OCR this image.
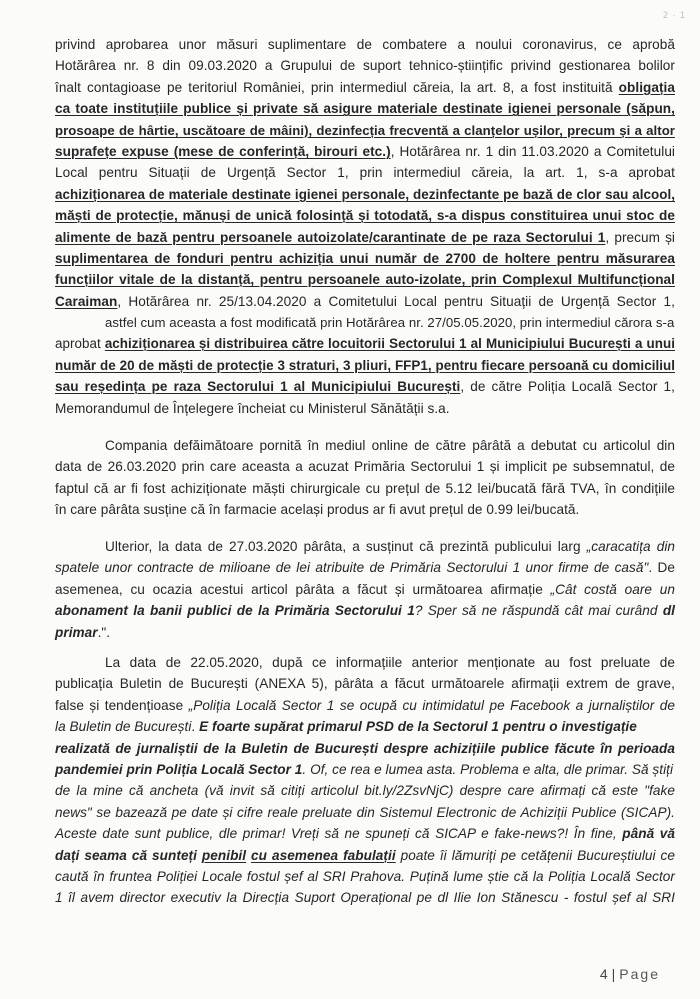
2 · 1
privind aprobarea unor măsuri suplimentare de combatere a noului coronavirus, ce aprobă
Hotărârea nr. 8 din 09.03.2020 a Grupului de suport tehnico-științific privind gestionarea bolilor
înalt contagioase pe teritoriul României, prin intermediul căreia, la art. 8, a fost instituită obligația
ca toate instituțiile publice și private să asigure materiale destinate igienei personale (săpun,
prosoape de hârtie, uscătoare de mâini), dezinfecția frecventă a clanțelor ușilor, precum și a altor
suprafețe expuse (mese de conferință, birouri etc.), Hotărârea nr. 1 din 11.03.2020 a Comitetului
Local pentru Situații de Urgență Sector 1, prin intermediul căreia, la art. 1, s-a aprobat
achiziționarea de materiale destinate igienei personale, dezinfectante pe bază de clor sau alcool,
măști de protecție, mănuși de unică folosință și totodată, s-a dispus constituirea unui stoc de
alimente de bază pentru persoanele autoizolate/carantinate de pe raza Sectorului 1, precum și
suplimentarea de fonduri pentru achiziția unui număr de 2700 de holtere pentru măsurarea
funcțiilor vitale de la distanță, pentru persoanele auto-izolate, prin Complexul Multifuncțional
Caraiman, Hotărârea nr. 25/13.04.2020 a Comitetului Local pentru Situații de Urgență Sector 1,
astfel cum aceasta a fost modificată prin Hotărârea nr. 27/05.05.2020, prin intermediul cărora s-a
aprobat achiziționarea și distribuirea către locuitorii Sectorului 1 al Municipiului București a unui
număr de 20 de măști de protecție 3 straturi, 3 pliuri, FFP1, pentru fiecare persoană cu domiciliul
sau reședința pe raza Sectorului 1 al Municipiului București, de către Poliția Locală Sector 1,
Memorandumul de Înțelegere încheiat cu Ministerul Sănătății s.a.
Compania defăimătoare pornită în mediul online de către pârâtă a debutat cu articolul din
data de 26.03.2020 prin care aceasta a acuzat Primăria Sectorului 1 și implicit pe subsemnatul, de
faptul că ar fi fost achiziționate măști chirurgicale cu prețul de 5.12 lei/bucată fără TVA, în condițiile
în care pârâta susține că în farmacie același produs ar fi avut prețul de 0.99 lei/bucată.
Ulterior, la data de 27.03.2020 pârâta, a susținut că prezintă publicului larg „caracatița din
spatele unor contracte de milioane de lei atribuite de Primăria Sectorului 1 unor firme de casă". De
asemenea, cu ocazia acestui articol pârâta a făcut și următoarea afirmație „Cât costă oare un
abonament la banii publici de la Primăria Sectorului 1? Sper să ne răspundă cât mai curând dl
primar.".
La data de 22.05.2020, după ce informațiile anterior menționate au fost preluate de
publicația Buletin de București (ANEXA 5), pârâta a făcut următoarele afirmații extrem de grave,
false și tendențioase „Poliția Locală Sector 1 se ocupă cu intimidatul pe Facebook a jurnaliștilor de
la Buletin de București. E foarte supărat primarul PSD de la Sectorul 1 pentru o investigație
realizată de jurnaliștii de la Buletin de București despre achizițiile publice făcute în perioada
pandemiei prin Poliția Locală Sector 1. Of, ce rea e lumea asta. Problema e alta, dle primar. Să știți
de la mine că ancheta (vă invit să citiți articolul bit.ly/2ZsvNjC) despre care afirmați că este "fake
news" se bazează pe date și cifre reale preluate din Sistemul Electronic de Achiziții Publice (SICAP).
Aceste date sunt publice, dle primar! Vreți să ne spuneți că SICAP e fake-news?! În fine, până vă
dați seama că sunteți penibil cu asemenea fabulații poate îi lămuriți pe cetățenii Bucureștiului ce
caută în fruntea Poliției Locale fostul șef al SRI Prahova. Puțină lume știe că la Poliția Locală Sector
1 îl avem director executiv la Direcția Suport Operațional pe dl Ilie Ion Stănescu - fostul șef al SRI
4 | Page
